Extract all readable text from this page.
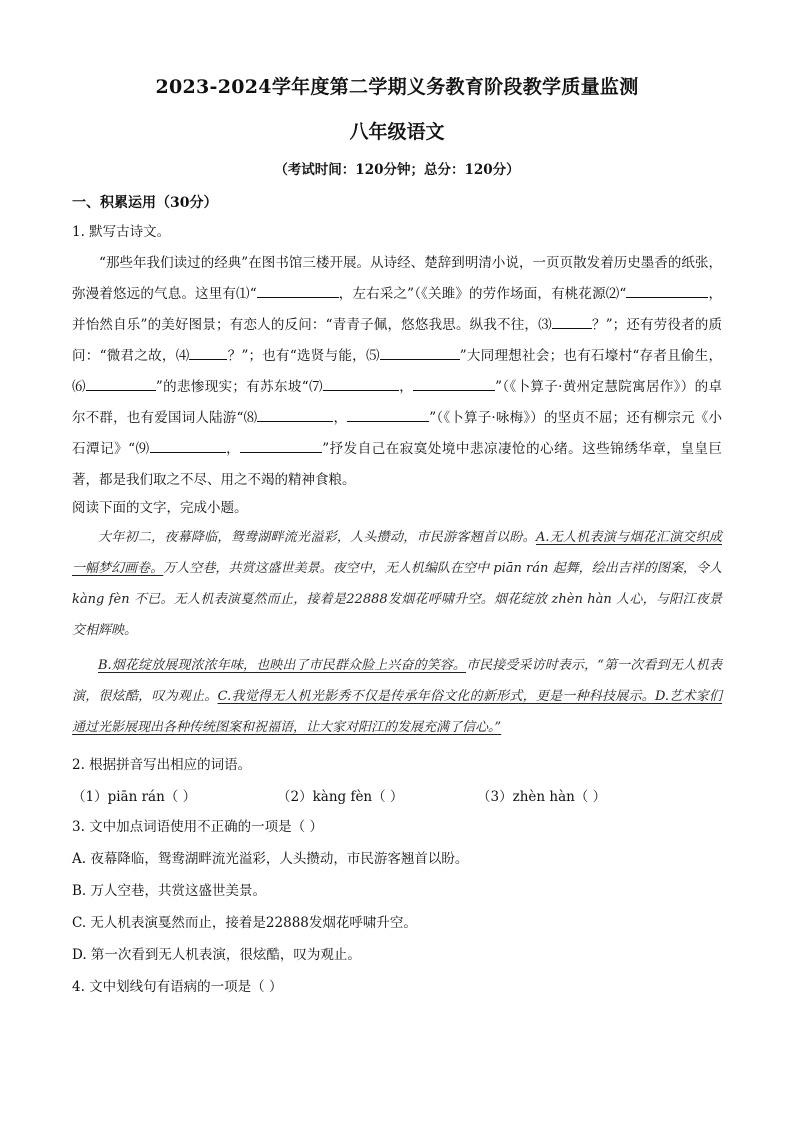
2023-2024学年度第二学期义务教育阶段教学质量监测
八年级语文
（考试时间：120分钟；总分：120分）
一、积累运用（30分）
1. 默写古诗文。
“那些年我们读过的经典”在图书馆三楼开展。从诗经、楚辞到明清小说，一页页散发着历史墨香的纸张，弥漫着悠远的气息。这里有⑴“	，左右采之”（《关雎》的劳作场面，有桃花源⑵“	，并怡然自乐”的美好图景；有恋人的反问：“青青子佩，悠悠我思。纵我不往，⑶	？”；还有劳役者的质问：“微君之故，⑷	？”；也有“选贤与能，⑸	”大同理想社会；也有石壕村“存者且偷生，⑹	”的悲惨现实；有苏东坡“⑺	，	”（《卜算子·黄州定慧院寓居作》）的卓尔不群，也有爱国词人陆游“⑻	，	”（《卜算子·咏梅》）的坚贞不屈；还有柳宗元《小石潭记》“⑼	，	”抒发自己在寂寞处境中悲凉凄怆的心绪。这些锦绣华章，皇皇巨著，都是我们取之不尽、用之不竭的精神食粮。
阅读下面的文字，完成小题。
大年初二，夜幕降临，鸳鸯湖畔流光溢彩，人头攒动，市民游客翘首以盼。A.无人机表演与烟花汇演交织成一幅梦幻画卷。万人空巷，共赏这盛世美景。夜空中，无人机编队在空中 piān rán 起舞，绘出吉祥的图案，令人 kàng fèn 不已。无人机表演戛然而止，接着是22888发烟花呼啸升空。烟花绽放 zhèn hàn 人心，与阳江夜景交相辉映。
B.烟花绽放展现浓浓年味，也映出了市民群众脸上兴奋的笑容。市民接受采访时表示，“第一次看到无人机表演，很炫酷，叹为观止。C.我觉得无人机光影秀不仅是传承年俗文化的新形式，更是一种科技展示。D.艺术家们通过光影展现出各种传统图案和祝福语，让大家对阳江的发展充满了信心。”
2. 根据拼音写出相应的词语。
（1）piān rán（ ）	（2）kàng fèn（ ）	（3）zhèn hàn（ ）
3. 文中加点词语使用不正确的一项是（ ）
A. 夜幕降临，鸳鸯湖畔流光溢彩，人头攒动，市民游客翘首以盼。
B. 万人空巷，共赏这盛世美景。
C. 无人机表演戛然而止，接着是22888发烟花呼啸升空。
D. 第一次看到无人机表演，很炫酷，叹为观止。
4. 文中划线句有语病的一项是（ ）
